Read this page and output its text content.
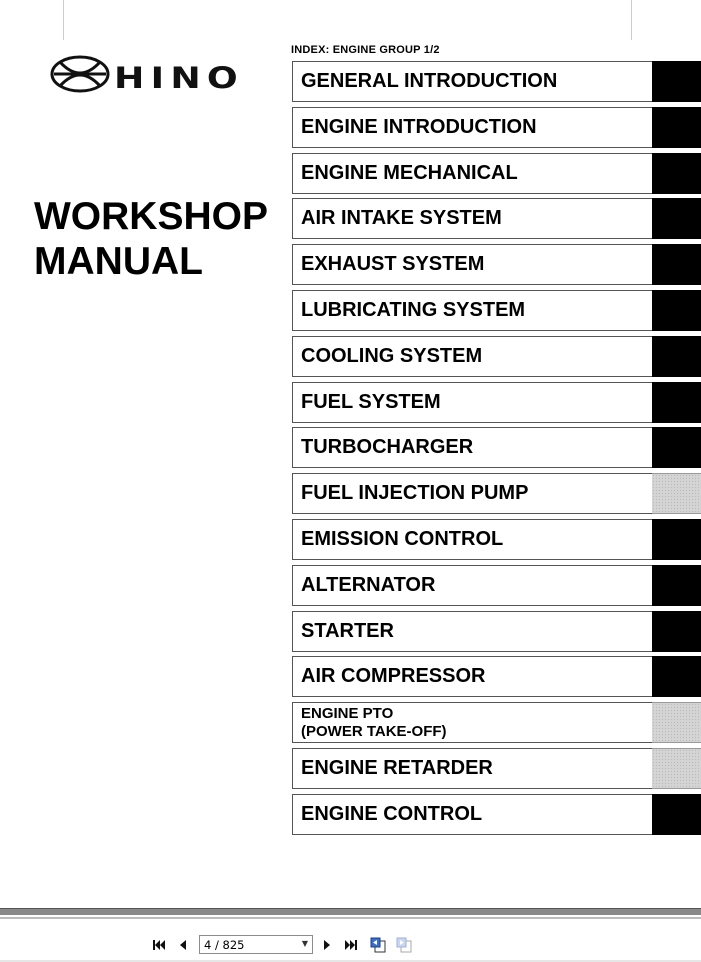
HINO
WORKSHOP
MANUAL
INDEX: ENGINE GROUP 1/2
GENERAL INTRODUCTION
ENGINE INTRODUCTION
ENGINE MECHANICAL
AIR INTAKE SYSTEM
EXHAUST SYSTEM
LUBRICATING SYSTEM
COOLING SYSTEM
FUEL SYSTEM
TURBOCHARGER
FUEL INJECTION PUMP
EMISSION CONTROL
ALTERNATOR
STARTER
AIR COMPRESSOR
ENGINE PTO
(POWER TAKE-OFF)
ENGINE RETARDER
ENGINE CONTROL
4 / 825	▼
